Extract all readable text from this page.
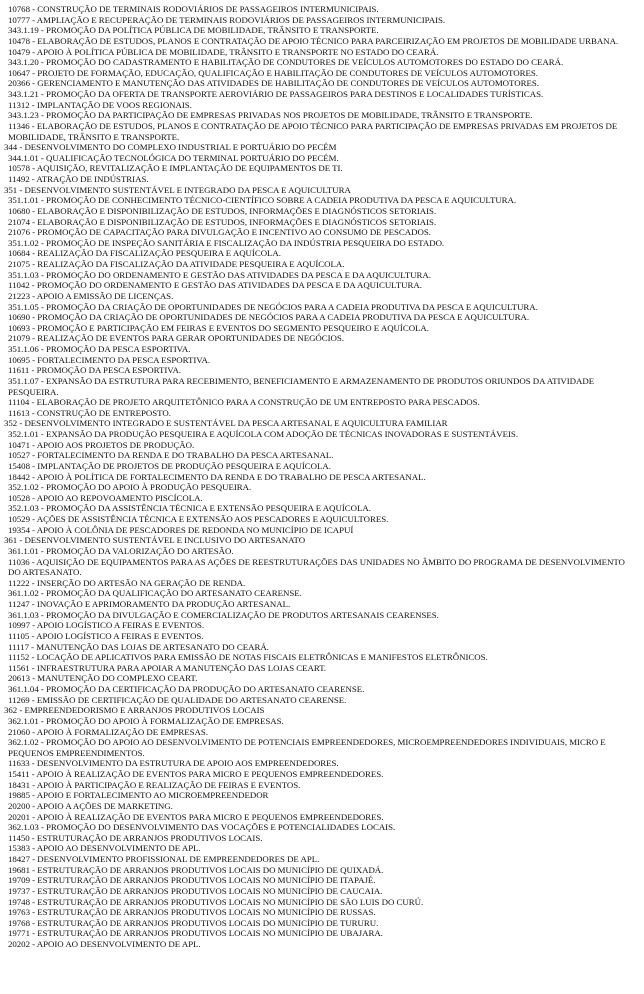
10768 - CONSTRUÇÃO DE TERMINAIS RODOVIÁRIOS DE PASSAGEIROS INTERMUNICIPAIS.
10777 - AMPLIAÇÃO E RECUPERAÇÃO DE TERMINAIS RODOVIÁRIOS DE PASSAGEIROS INTERMUNICIPAIS.
343.1.19 - PROMOÇÃO DA POLÍTICA PÚBLICA DE MOBILIDADE, TRÂNSITO E TRANSPORTE.
10478 - ELABORAÇÃO DE ESTUDOS, PLANOS E CONTRATAÇÃO DE APOIO TÉCNICO PARA PARCEIRIZAÇÃO EM PROJETOS DE MOBILIDADE URBANA.
10479 - APOIO À POLÍTICA PÚBLICA DE MOBILIDADE, TRÂNSITO E TRANSPORTE NO ESTADO DO CEARÁ.
343.1.20 - PROMOÇÃO DO CADASTRAMENTO E HABILITAÇÃO DE CONDUTORES DE VEÍCULOS AUTOMOTORES DO ESTADO DO CEARÁ.
10647 - PROJETO DE FORMAÇÃO, EDUCAÇÃO, QUALIFICAÇÃO E HABILITAÇÃO DE CONDUTORES DE VEÍCULOS AUTOMOTORES.
20366 - GERENCIAMENTO E MANUTENÇÃO DAS ATIVIDADES DE HABILITAÇÃO DE CONDUTORES DE VEÍCULOS AUTOMOTORES.
343.1.21 - PROMOÇÃO DA OFERTA DE TRANSPORTE AEROVIÁRIO DE PASSAGEIROS PARA DESTINOS E LOCALIDADES TURÍSTICAS.
11312 - IMPLANTAÇÃO DE VOOS REGIONAIS.
343.1.23 - PROMOÇÃO DA PARTICIPAÇÃO DE EMPRESAS PRIVADAS NOS PROJETOS DE MOBILIDADE, TRÂNSITO E TRANSPORTE.
11346 - ELABORAÇÃO DE ESTUDOS, PLANOS E CONTRATAÇÃO DE APOIO TÉCNICO PARA PARTICIPAÇÃO DE EMPRESAS PRIVADAS EM PROJETOS DE MOBILIDADE, TRÂNSITO E TRANSPORTE.
344 - DESENVOLVIMENTO DO COMPLEXO INDUSTRIAL E PORTUÁRIO DO PECÉM
344.1.01 - QUALIFICAÇÃO TECNOLÓGICA DO TERMINAL PORTUÁRIO DO PECÉM.
10578 - AQUISIÇÃO, REVITALIZAÇÃO E IMPLANTAÇÃO DE EQUIPAMENTOS DE TI.
11492 - ATRAÇÃO DE INDÚSTRIAS.
351 - DESENVOLVIMENTO SUSTENTÁVEL E INTEGRADO DA PESCA E AQUICULTURA
351.1.01 - PROMOÇÃO DE CONHECIMENTO TÉCNICO-CIENTÍFICO SOBRE A CADEIA PRODUTIVA DA PESCA E AQUICULTURA.
10680 - ELABORAÇÃO E DISPONIBILIZAÇÃO DE ESTUDOS, INFORMAÇÕES E DIAGNÓSTICOS SETORIAIS.
21074 - ELABORAÇÃO E DISPONIBILIZAÇÃO DE ESTUDOS, INFORMAÇÕES E DIAGNÓSTICOS SETORIAIS.
21076 - PROMOÇÃO DE CAPACITAÇÃO PARA DIVULGAÇÃO E INCENTIVO AO CONSUMO DE PESCADOS.
351.1.02 - PROMOÇÃO DE INSPEÇÃO SANITÁRIA E FISCALIZAÇÃO DA INDÚSTRIA PESQUEIRA DO ESTADO.
10684 - REALIZAÇÃO DA FISCALIZAÇÃO PESQUEIRA E AQUÍCOLA.
21075 - REALIZAÇÃO DA FISCALIZAÇÃO DA ATIVIDADE PESQUEIRA E AQUÍCOLA.
351.1.03 - PROMOÇÃO DO ORDENAMENTO E GESTÃO DAS ATIVIDADES DA PESCA E DA AQUICULTURA.
11042 - PROMOÇÃO DO ORDENAMENTO E GESTÃO DAS ATIVIDADES DA PESCA E DA AQUICULTURA.
21223 - APOIO A EMISSÃO DE LICENÇAS.
351.1.05 - PROMOÇÃO DA CRIAÇÃO DE OPORTUNIDADES DE NEGÓCIOS PARA A CADEIA PRODUTIVA DA PESCA E AQUICULTURA.
10690 - PROMOÇÃO DA CRIAÇÃO DE OPORTUNIDADES DE NEGÓCIOS PARA A CADEIA PRODUTIVA DA PESCA E AQUICULTURA.
10693 - PROMOÇÃO E PARTICIPAÇÃO EM FEIRAS E EVENTOS DO SEGMENTO PESQUEIRO E AQUÍCOLA.
21079 - REALIZAÇÃO DE EVENTOS PARA GERAR OPORTUNIDADES DE NEGÓCIOS.
351.1.06 - PROMOÇÃO DA PESCA ESPORTIVA.
10695 - FORTALECIMENTO DA PESCA ESPORTIVA.
11611 - PROMOÇÃO DA PESCA ESPORTIVA.
351.1.07 - EXPANSÃO DA ESTRUTURA PARA RECEBIMENTO, BENEFICIAMENTO E ARMAZENAMENTO DE PRODUTOS ORIUNDOS DA ATIVIDADE PESQUEIRA.
11104 - ELABORAÇÃO DE PROJETO ARQUITETÔNICO PARA A CONSTRUÇÃO DE UM ENTREPOSTO PARA PESCADOS.
11613 - CONSTRUÇÃO DE ENTREPOSTO.
352 - DESENVOLVIMENTO INTEGRADO E SUSTENTÁVEL DA PESCA ARTESANAL E AQUICULTURA FAMILIAR
352.1.01 - EXPANSÃO DA PRODUÇÃO PESQUEIRA E AQUÍCOLA COM ADOÇÃO DE TÉCNICAS INOVADORAS E SUSTENTÁVEIS.
10471 - APOIO AOS PROJETOS DE PRODUÇÃO.
10527 - FORTALECIMENTO DA RENDA E DO TRABALHO DA PESCA ARTESANAL.
15408 - IMPLANTAÇÃO DE PROJETOS DE PRODUÇÃO PESQUEIRA E AQUÍCOLA.
18442 - APOIO À POLÍTICA DE FORTALECIMENTO DA RENDA E DO TRABALHO DE PESCA ARTESANAL.
352.1.02 - PROMOÇÃO DO APOIO À PRODUÇÃO PESQUEIRA.
10528 - APOIO AO REPOVOAMENTO PISCÍCOLA.
352.1.03 - PROMOÇÃO DA ASSISTÊNCIA TÉCNICA E EXTENSÃO PESQUEIRA E AQUÍCOLA.
10529 - AÇÕES DE ASSISTÊNCIA TÉCNICA E EXTENSÃO AOS PESCADORES E AQUICULTORES.
19354 - APOIO À COLÔNIA DE PESCADORES DE REDONDA NO MUNICÍPIO DE ICAPUÍ
361 - DESENVOLVIMENTO SUSTENTÁVEL E INCLUSIVO DO ARTESANATO
361.1.01 - PROMOÇÃO DA VALORIZAÇÃO DO ARTESÃO.
11036 - AQUISIÇÃO DE EQUIPAMENTOS PARA AS AÇÕES DE REESTRUTURAÇÕES DAS UNIDADES NO ÂMBITO DO PROGRAMA DE DESENVOLVIMENTO DO ARTESANATO.
11222 - INSERÇÃO DO ARTESÃO NA GERAÇÃO DE RENDA.
361.1.02 - PROMOÇÃO DA QUALIFICAÇÃO DO ARTESANATO CEARENSE.
11247 - INOVAÇÃO E APRIMORAMENTO DA PRODUÇÃO ARTESANAL.
361.1.03 - PROMOÇÃO DA DIVULGAÇÃO E COMERCIALIZAÇÃO DE PRODUTOS ARTESANAIS CEARENSES.
10997 - APOIO LOGÍSTICO A FEIRAS E EVENTOS.
11105 - APOIO LOGÍSTICO A FEIRAS E EVENTOS.
11117 - MANUTENÇÃO DAS LOJAS DE ARTESANATO DO CEARÁ.
11152 - LOCAÇÃO DE APLICATIVOS PARA EMISSÃO DE NOTAS FISCAIS ELETRÔNICAS E MANIFESTOS ELETRÔNICOS.
11561 - INFRAESTRUTURA PARA APOIAR A MANUTENÇÃO DAS LOJAS CEART.
20613 - MANUTENÇÃO DO COMPLEXO CEART.
361.1.04 - PROMOÇÃO DA CERTIFICAÇÃO DA PRODUÇÃO DO ARTESANATO CEARENSE.
11269 - EMISSÃO DE CERTIFICAÇÃO DE QUALIDADE DO ARTESANATO CEARENSE.
362 - EMPREENDEDORISMO E ARRANJOS PRODUTIVOS LOCAIS
362.1.01 - PROMOÇÃO DO APOIO À FORMALIZAÇÃO DE EMPRESAS.
21060 - APOIO À FORMALIZAÇÃO DE EMPRESAS.
362.1.02 - PROMOÇÃO DO APOIO AO DESENVOLVIMENTO DE POTENCIAIS EMPREENDEDORES, MICROEMPREENDEDORES INDIVIDUAIS, MICRO E PEQUENOS EMPREENDIMENTOS.
11633 - DESENVOLVIMENTO DA ESTRUTURA DE APOIO AOS EMPREENDEDORES.
15411 - APOIO À REALIZAÇÃO DE EVENTOS PARA MICRO E PEQUENOS EMPREENDEDORES.
18431 - APOIO À PARTICIPAÇÃO E REALIZAÇÃO DE FEIRAS E EVENTOS.
19885 - APOIO E FORTALECIMENTO AO MICROEMPREENDEDOR
20200 - APOIO A AÇÕES DE MARKETING.
20201 - APOIO À REALIZAÇÃO DE EVENTOS PARA MICRO E PEQUENOS EMPREENDEDORES.
362.1.03 - PROMOÇÃO DO DESENVOLVIMENTO DAS VOCAÇÕES E POTENCIALIDADES LOCAIS.
11450 - ESTRUTURAÇÃO DE ARRANJOS PRODUTIVOS LOCAIS.
15383 - APOIO AO DESENVOLVIMENTO DE APL.
18427 - DESENVOLVIMENTO PROFISSIONAL DE EMPREENDEDORES DE APL.
19681 - ESTRUTURAÇÃO DE ARRANJOS PRODUTIVOS LOCAIS DO MUNICÍPIO DE QUIXADÁ.
19709 - ESTRUTURAÇÃO DE ARRANJOS PRODUTIVOS LOCAIS NO MUNICÍPIO DE ITAPAJÉ.
19737 - ESTRUTURAÇÃO DE ARRANJOS PRODUTIVOS LOCAIS NO MUNICÍPIO DE CAUCAIA.
19748 - ESTRUTURAÇÃO DE ARRANJOS PRODUTIVOS LOCAIS NO MUNICÍPIO DE SÃO LUIS DO CURÚ.
19763 - ESTRUTURAÇÃO DE ARRANJOS PRODUTIVOS LOCAIS NO MUNICÍPIO DE RUSSAS.
19768 - ESTRUTURAÇÃO DE ARRANJOS PRODUTIVOS LOCAIS DO MUNICÍPIO DE TURURU.
19771 - ESTRUTURAÇÃO DE ARRANJOS PRODUTIVOS LOCAIS NO MUNICÍPIO DE UBAJARA.
20202 - APOIO AO DESENVOLVIMENTO DE APL.
